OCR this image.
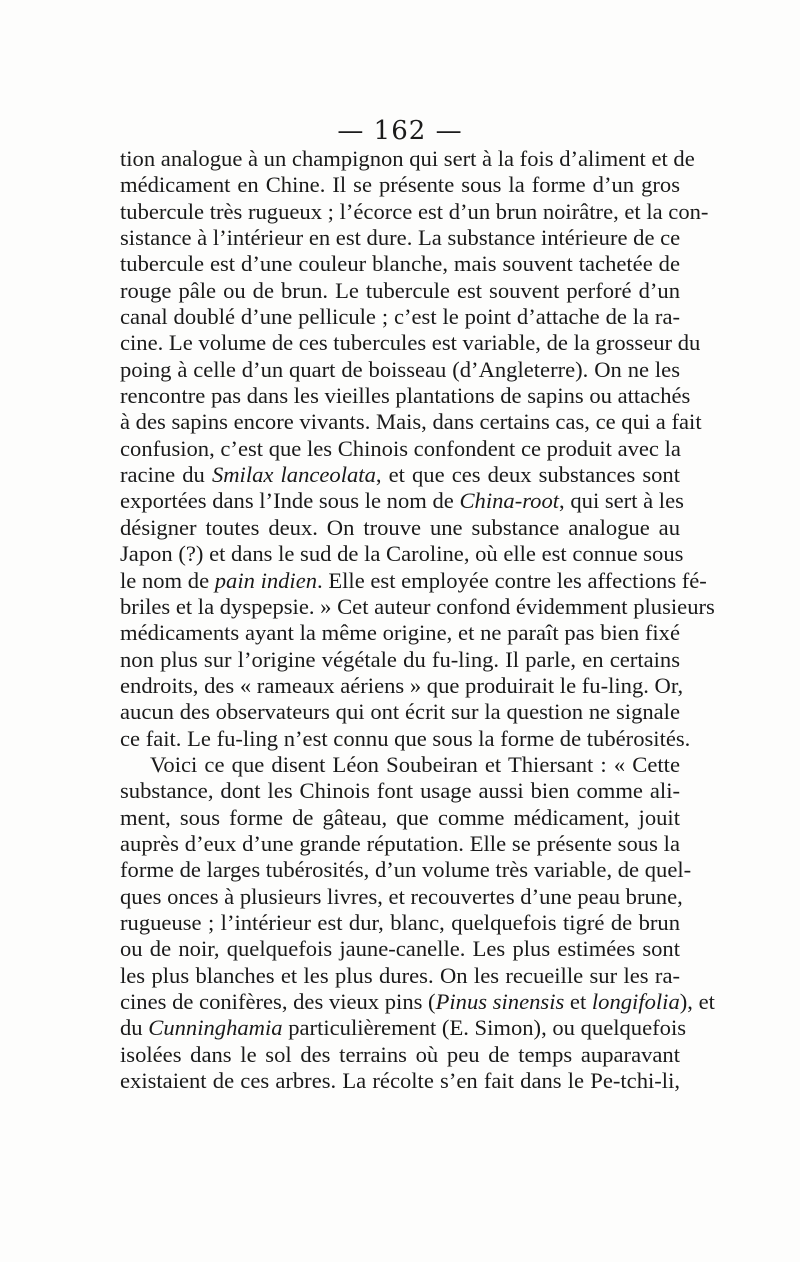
— 162 —
tion analogue à un champignon qui sert à la fois d’aliment et de
médicament en Chine. Il se présente sous la forme d’un gros
tubercule très rugueux ; l’écorce est d’un brun noirâtre, et la con-
sistance à l’intérieur en est dure. La substance intérieure de ce
tubercule est d’une couleur blanche, mais souvent tachetée de
rouge pâle ou de brun. Le tubercule est souvent perforé d’un
canal doublé d’une pellicule ; c’est le point d’attache de la ra-
cine. Le volume de ces tubercules est variable, de la grosseur du
poing à celle d’un quart de boisseau (d’Angleterre). On ne les
rencontre pas dans les vieilles plantations de sapins ou attachés
à des sapins encore vivants. Mais, dans certains cas, ce qui a fait
confusion, c’est que les Chinois confondent ce produit avec la
racine du Smilax lanceolata, et que ces deux substances sont
exportées dans l’Inde sous le nom de China-root, qui sert à les
désigner toutes deux. On trouve une substance analogue au
Japon (?) et dans le sud de la Caroline, où elle est connue sous
le nom de pain indien. Elle est employée contre les affections fé-
briles et la dyspepsie. » Cet auteur confond évidemment plusieurs
médicaments ayant la même origine, et ne paraît pas bien fixé
non plus sur l’origine végétale du fu-ling. Il parle, en certains
endroits, des « rameaux aériens » que produirait le fu-ling. Or,
aucun des observateurs qui ont écrit sur la question ne signale
ce fait. Le fu-ling n’est connu que sous la forme de tubérosités.
Voici ce que disent Léon Soubeiran et Thiersant : « Cette
substance, dont les Chinois font usage aussi bien comme ali-
ment, sous forme de gâteau, que comme médicament, jouit
auprès d’eux d’une grande réputation. Elle se présente sous la
forme de larges tubérosités, d’un volume très variable, de quel-
ques onces à plusieurs livres, et recouvertes d’une peau brune,
rugueuse ; l’intérieur est dur, blanc, quelquefois tigré de brun
ou de noir, quelquefois jaune-canelle. Les plus estimées sont
les plus blanches et les plus dures. On les recueille sur les ra-
cines de conifères, des vieux pins (Pinus sinensis et longifolia), et
du Cunninghamia particulièrement (E. Simon), ou quelquefois
isolées dans le sol des terrains où peu de temps auparavant
existaient de ces arbres. La récolte s’en fait dans le Pe-tchi-li,
